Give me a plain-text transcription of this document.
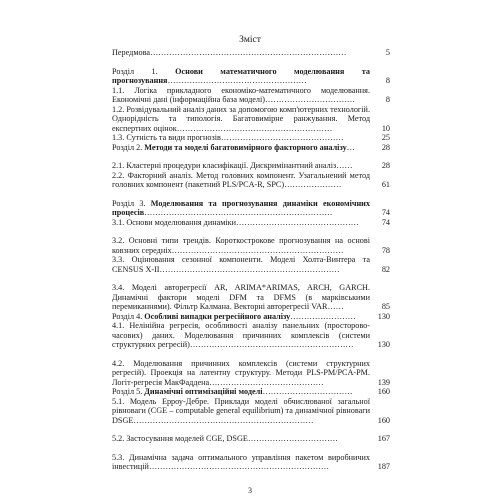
Зміст
Передмова………………………………………………………………	5

Розділ 1. Основи математичного моделювання та прогнозування……………………………………………	8
1.1. Логіка прикладного економіко-математичного моделювання. Економічні дані (інформаційна база моделі)……………………………	8
1.2. Розвідувальний аналіз даних за допомогою комп'ютерних технологій. Однорідність та типологія. Багатовимірне ранжування. Метод експертних оцінок…………………………………………………	10
1.3. Сутність та види прогнозів………………………………………	25
Розділ 2. Методи та моделі багатовимірного факторного аналізу…	28

2.1. Кластерні процедури класифікації. Дискримінантний аналіз……	28
2.2. Факторний аналіз. Метод головних компонент. Узагальнений метод головних компонент (пакетний PLS/PCA-R, SPC)…………………	61

Розділ 3. Моделювання та прогнозування динаміки економічних процесів……………………………………………………………	74
3.1. Основи моделювання динаміки………………………………………	74

3.2. Основні типи трендів. Короткострокове прогнозування на основі ковзних середніх………………………………………………………	78
3.3. Оцінювання сезонної компоненти. Моделі Холта-Винтера та CENSUS X-II…………………………………………………………	82

3.4. Моделі авторегресії AR, ARIMA*ARIMAS, ARCH, GARCH. Динамічні фактори моделі DFM та DFMS (в марківськими перемиканнями). Фільтр Калмана. Векторні авторегресії VAR……	85
Розділ 4. Особливі випадки регресійного аналізу……………………	130
4.1. Нелінійна регресія, особливості аналізу панельних (просторово-часових) даних. Моделювання причинних комплексів (системи структурних регресій)……………………………………………………	130

4.2. Моделювання причинних комплексів (системи структурних регресій). Проекція на латентну структуру. Методи PLS-PM/PCA-PM. Логіт-регресія МакФаддена……………………………………	139
Розділ 5. Динамічні оптимізаційні моделі……………………………	160
5.1. Модель Ерроу-Дебре. Приклади моделі обчислюваної загальної рівноваги (CGE – computable general equilibrium) та динамічної рівноваги DSGE…………………………………………………………	160

5.2. Застосування моделей CGE, DSGE……………………………	167

5.3. Динамічна задача оптимального управління пакетом виробничих інвестицій…………………………………………………………	187
3
